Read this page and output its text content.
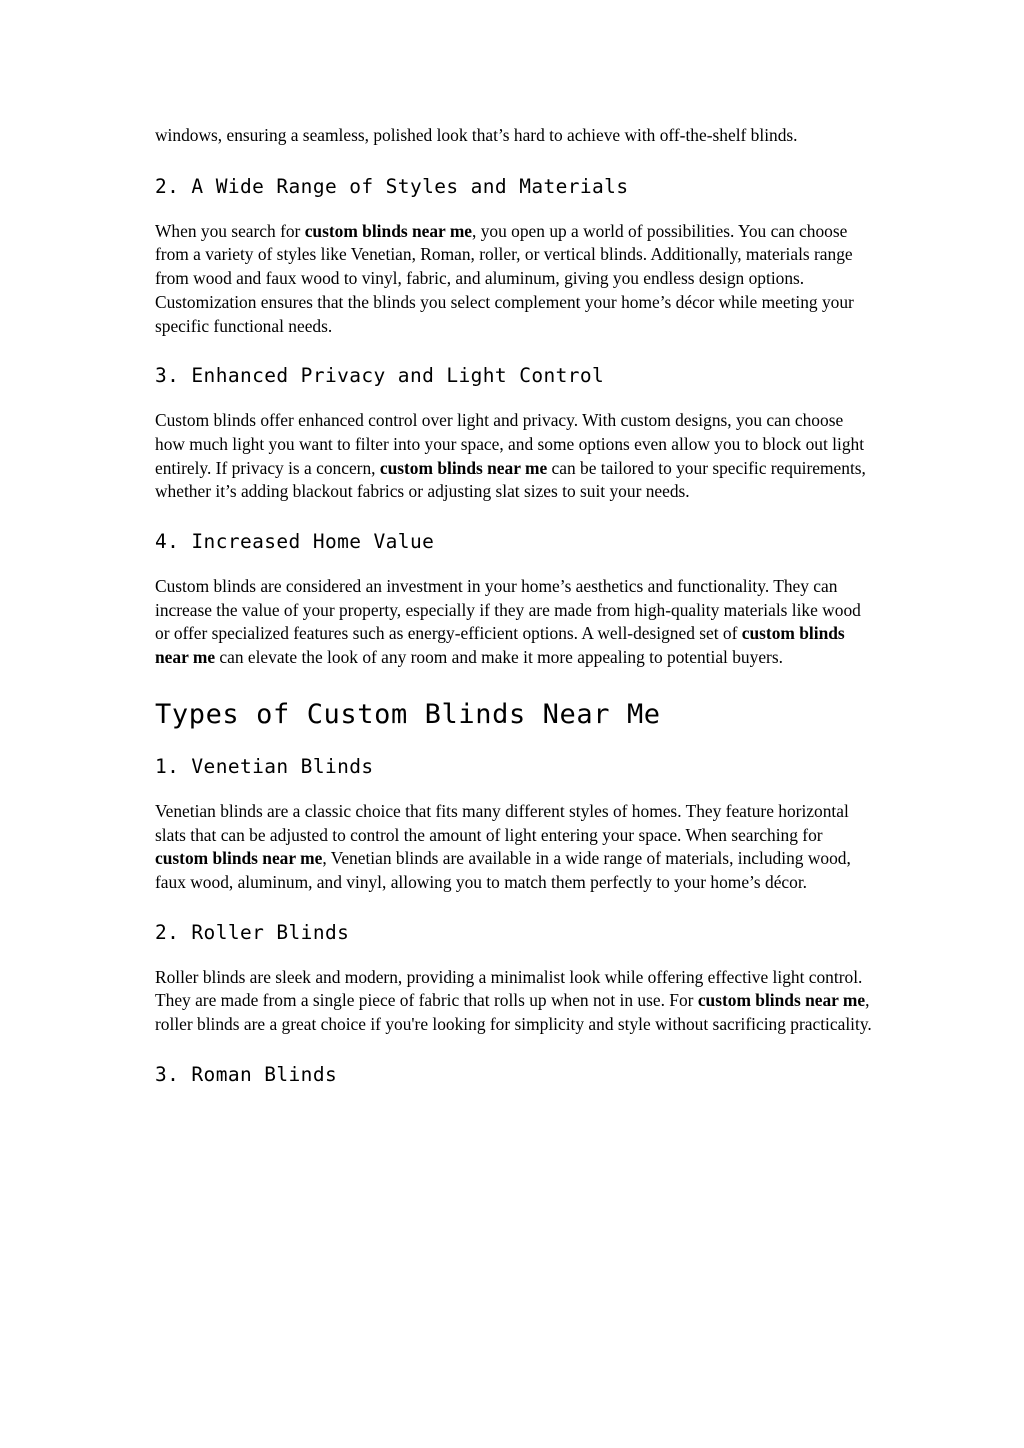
windows, ensuring a seamless, polished look that’s hard to achieve with off-the-shelf blinds.

2. A Wide Range of Styles and Materials

When you search for custom blinds near me, you open up a world of possibilities. You can choose from a variety of styles like Venetian, Roman, roller, or vertical blinds. Additionally, materials range from wood and faux wood to vinyl, fabric, and aluminum, giving you endless design options. Customization ensures that the blinds you select complement your home’s décor while meeting your specific functional needs.

3. Enhanced Privacy and Light Control

Custom blinds offer enhanced control over light and privacy. With custom designs, you can choose how much light you want to filter into your space, and some options even allow you to block out light entirely. If privacy is a concern, custom blinds near me can be tailored to your specific requirements, whether it’s adding blackout fabrics or adjusting slat sizes to suit your needs.

4. Increased Home Value

Custom blinds are considered an investment in your home’s aesthetics and functionality. They can increase the value of your property, especially if they are made from high-quality materials like wood or offer specialized features such as energy-efficient options. A well-designed set of custom blinds near me can elevate the look of any room and make it more appealing to potential buyers.

Types of Custom Blinds Near Me
1. Venetian Blinds

Venetian blinds are a classic choice that fits many different styles of homes. They feature horizontal slats that can be adjusted to control the amount of light entering your space. When searching for custom blinds near me, Venetian blinds are available in a wide range of materials, including wood, faux wood, aluminum, and vinyl, allowing you to match them perfectly to your home’s décor.

2. Roller Blinds

Roller blinds are sleek and modern, providing a minimalist look while offering effective light control. They are made from a single piece of fabric that rolls up when not in use. For custom blinds near me, roller blinds are a great choice if you're looking for simplicity and style without sacrificing practicality.

3. Roman Blinds
